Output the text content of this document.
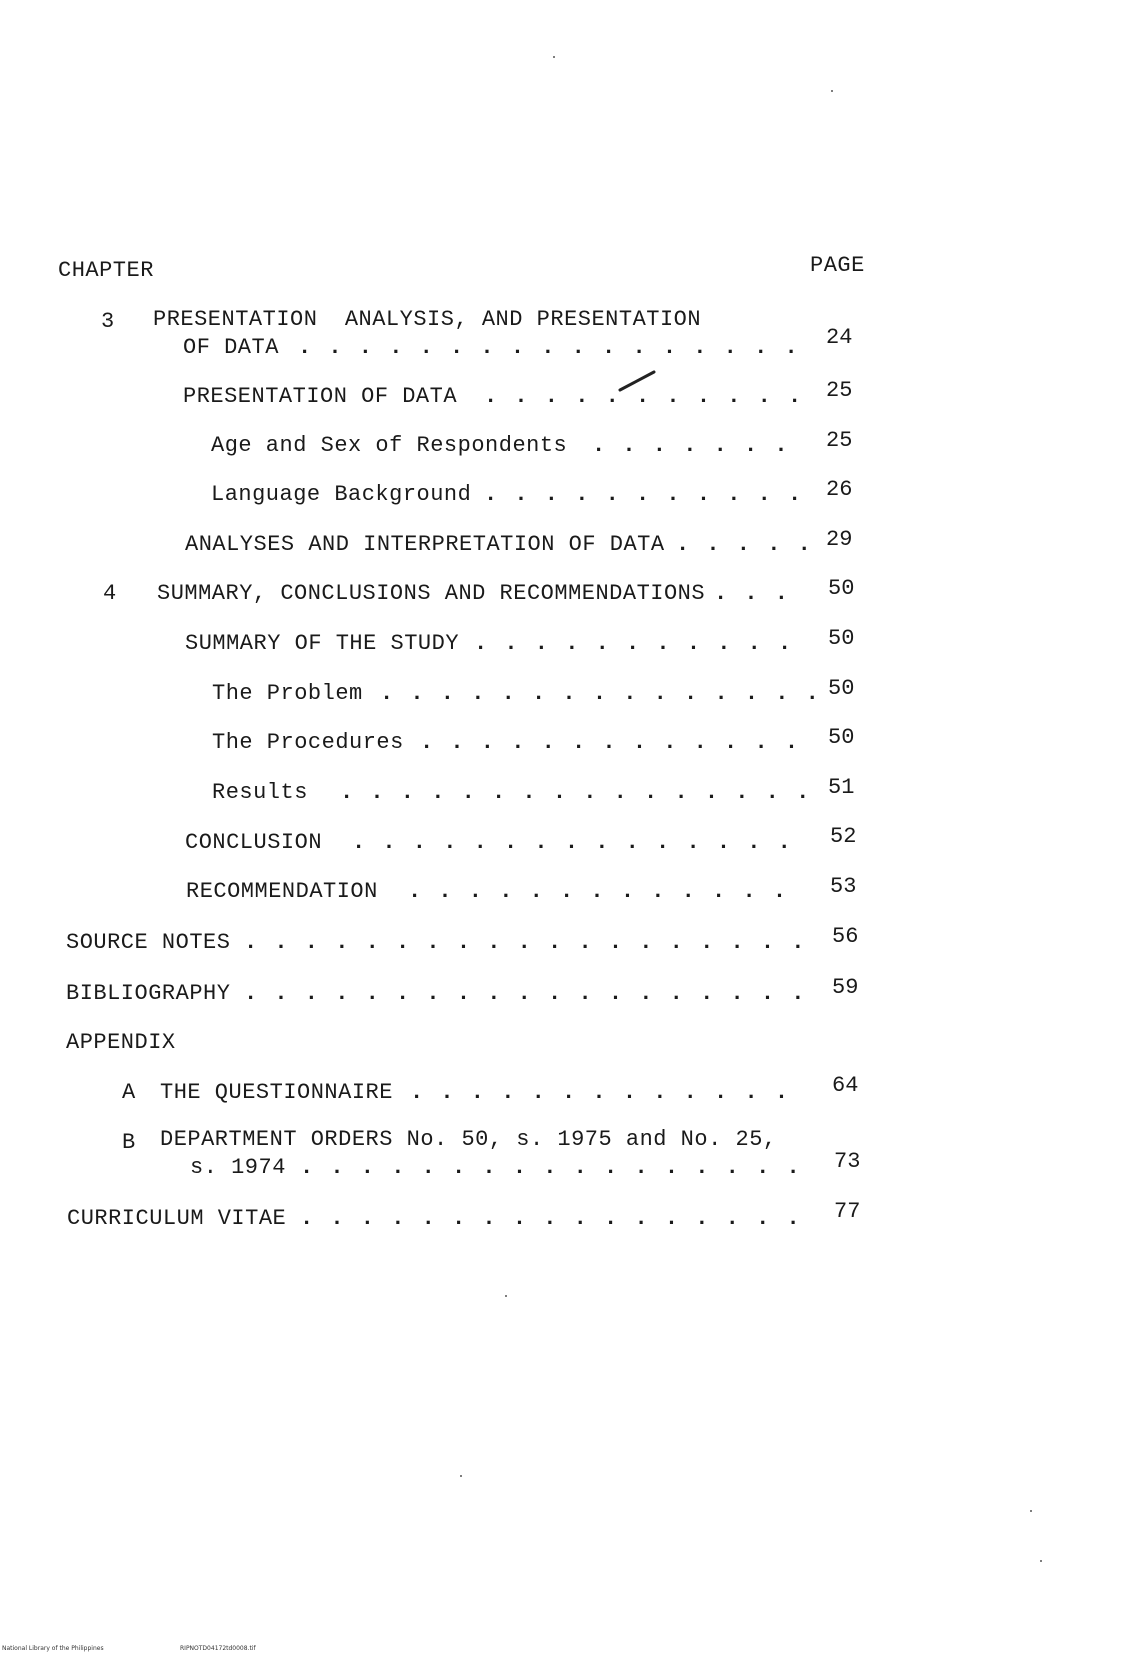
CHAPTER	PAGE
3 PRESENTATION  ANALYSIS, AND PRESENTATION
OF DATA . . .	24
PRESENTATION OF DATA . . .	25
Age and Sex of Respondents . . .	25
Language Background . . .	26
ANALYSES AND INTERPRETATION OF DATA . . .	29
4 SUMMARY, CONCLUSIONS AND RECOMMENDATIONS . . .	50
SUMMARY OF THE STUDY . . .	50
The Problem . . .	50
The Procedures . . .	50
Results . . .	51
CONCLUSION . . .	52
RECOMMENDATION . . .	53
SOURCE NOTES . . .	56
BIBLIOGRAPHY . . .	59
APPENDIX
A THE QUESTIONNAIRE . . .	64
B DEPARTMENT ORDERS No. 50, s. 1975 and No. 25,
s. 1974 . . .	73
CURRICULUM VITAE . . .	77
National Library of the Philippines	RIPNOTD04172td0008.tif
